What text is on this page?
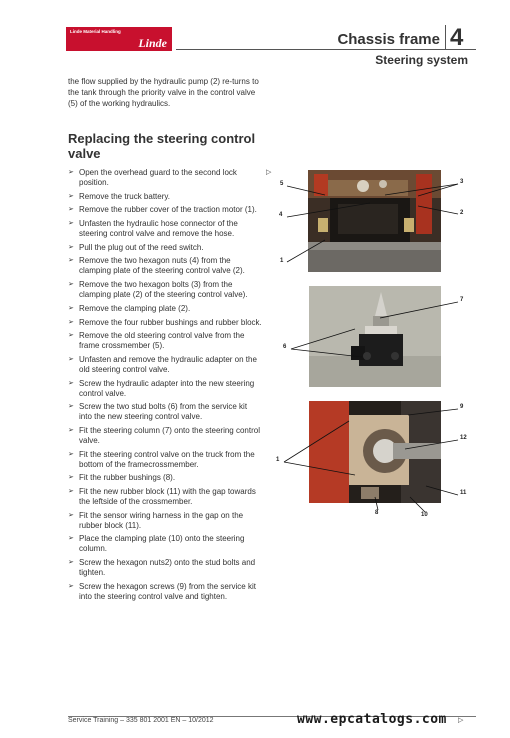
Linde Material Handling
Linde	Chassis frame 4
Steering system
the flow supplied by the hydraulic pump (2) re-turns to the tank through the priority valve in the control valve (5) of the working hydraulics.
Replacing the steering control valve
➢ Open the overhead guard to the second lock position.
➢ Remove the truck battery.
➢ Remove the rubber cover of the traction motor (1).
➢ Unfasten the hydraulic hose connector of the steering control valve and remove the hose.
➢ Pull the plug out of the reed switch.
➢ Remove the two hexagon nuts (4) from the clamping plate of the steering control valve (2).
➢ Remove the two hexagon bolts (3) from the clamping plate (2) of the steering control valve).
➢ Remove the clamping plate (2).
➢ Remove the four rubber bushings and rubber block.
➢ Remove the old steering control valve from the frame crossmember (5).
➢ Unfasten and remove the hydraulic adapter on the old steering control valve.
➢ Screw the hydraulic adapter into the new steering control valve.
➢ Screw the two stud bolts (6) from the service kit into the new steering control valve.
➢ Fit the steering column (7) onto the steering control valve.
➢ Fit the steering control valve on the truck from the bottom of the framecrossmember.
➢ Fit the rubber bushings (8).
➢ Fit the new rubber block (11) with the gap towards the leftside of the crossmember.
➢ Fit the sensor wiring harness in the gap on the rubber block (11).
➢ Place the clamping plate (10) onto the steering column.
➢ Screw the hexagon nuts2) onto the stud bolts and tighten.
➢ Screw the hexagon screws (9) from the service kit into the steering control valve and tighten.
▷
5
4
3
2
1
7
6
9
12
1
11
8	10
Service Training – 335 801 2001 EN – 10/2012	www.epcatalogs.com ▷
